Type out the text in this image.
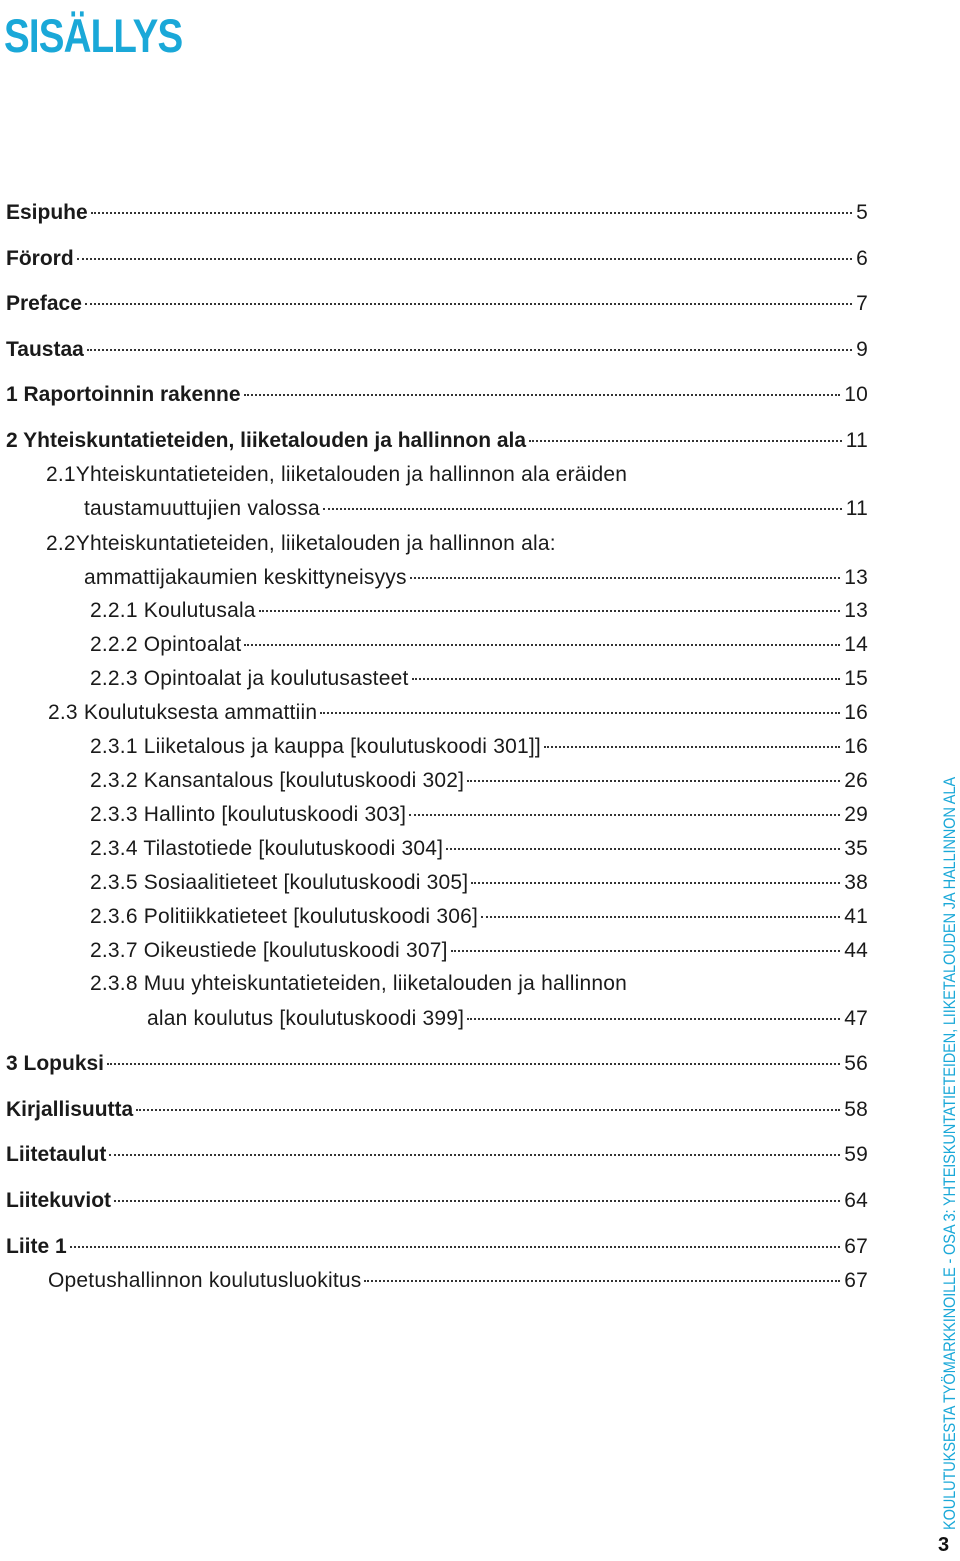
SISÄLLYS
Esipuhe	5
Förord	6
Preface	7
Taustaa	9
1 Raportoinnin rakenne	10
2 Yhteiskuntatieteiden, liiketalouden ja hallinnon ala	11
2.1Yhteiskuntatieteiden, liiketalouden ja hallinnon ala eräiden
taustamuuttujien valossa	11
2.2Yhteiskuntatieteiden, liiketalouden ja hallinnon ala:
ammattijakaumien keskittyneisyys	13
2.2.1 Koulutusala	13
2.2.2 Opintoalat	14
2.2.3 Opintoalat ja koulutusasteet	15
2.3 Koulutuksesta ammattiin	16
2.3.1 Liiketalous ja kauppa [koulutuskoodi 301]]	16
2.3.2 Kansantalous [koulutuskoodi 302]	26
2.3.3 Hallinto [koulutuskoodi 303]	29
2.3.4 Tilastotiede [koulutuskoodi 304]	35
2.3.5 Sosiaalitieteet [koulutuskoodi 305]	38
2.3.6 Politiikkatieteet [koulutuskoodi 306]	41
2.3.7 Oikeustiede [koulutuskoodi 307]	44
2.3.8 Muu yhteiskuntatieteiden, liiketalouden ja hallinnon
alan koulutus [koulutuskoodi 399]	47
3 Lopuksi	56
Kirjallisuutta	58
Liitetaulut	59
Liitekuviot	64
Liite 1	67
Opetushallinnon koulutusluokitus	67	KOULUTUKSESTA TYÖMARKKINOILLE - OSA 3: YHTEISKUNTATIETEIDEN, LIIKETALOUDEN JA HALLINNON ALA
3
